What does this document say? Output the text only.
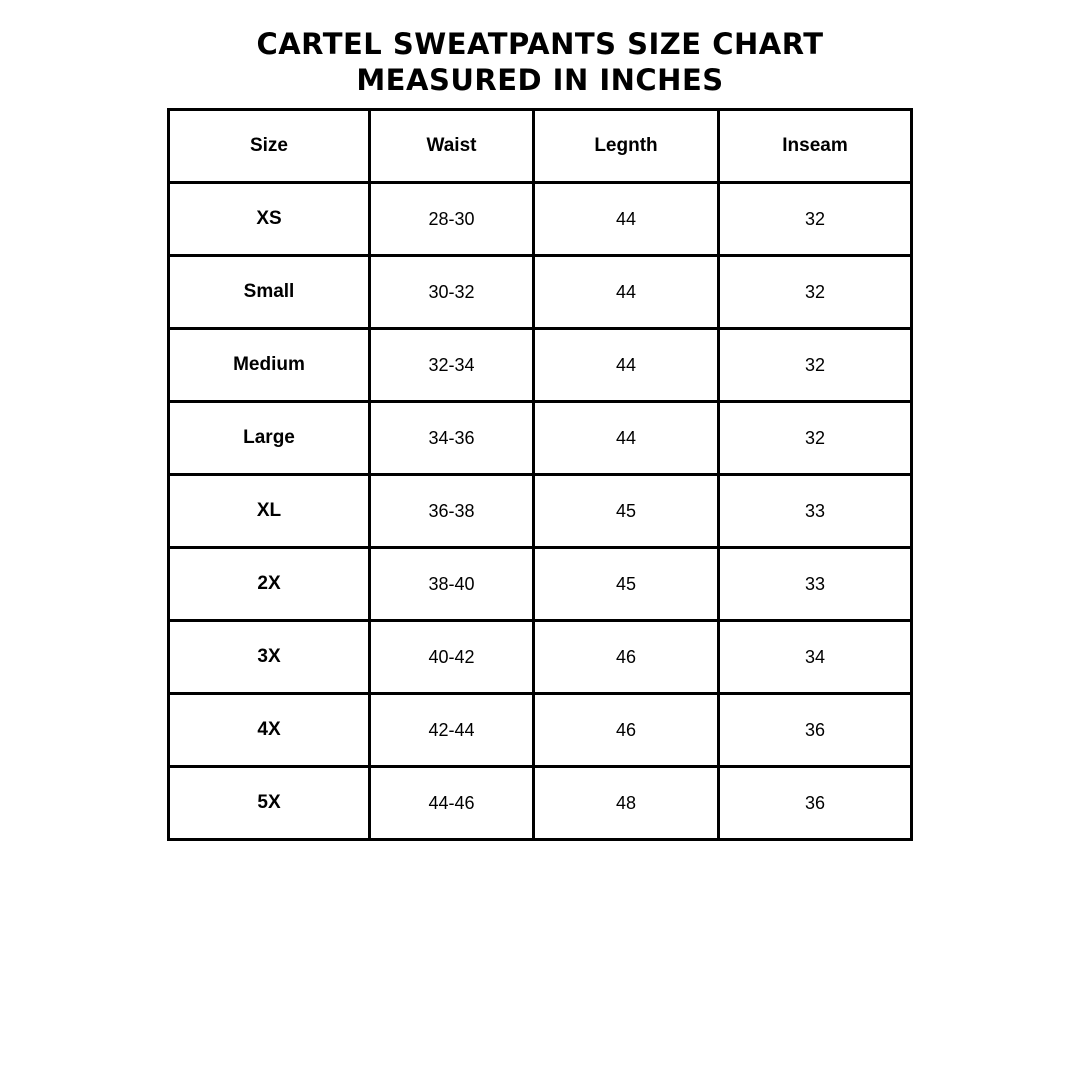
CARTEL SWEATPANTS SIZE CHART
MEASURED IN INCHES
Size	Waist	Legnth	Inseam
XS	28-30	44	32
Small	30-32	44	32
Medium	32-34	44	32
Large	34-36	44	32
XL	36-38	45	33
2X	38-40	45	33
3X	40-42	46	34
4X	42-44	46	36
5X	44-46	48	36
